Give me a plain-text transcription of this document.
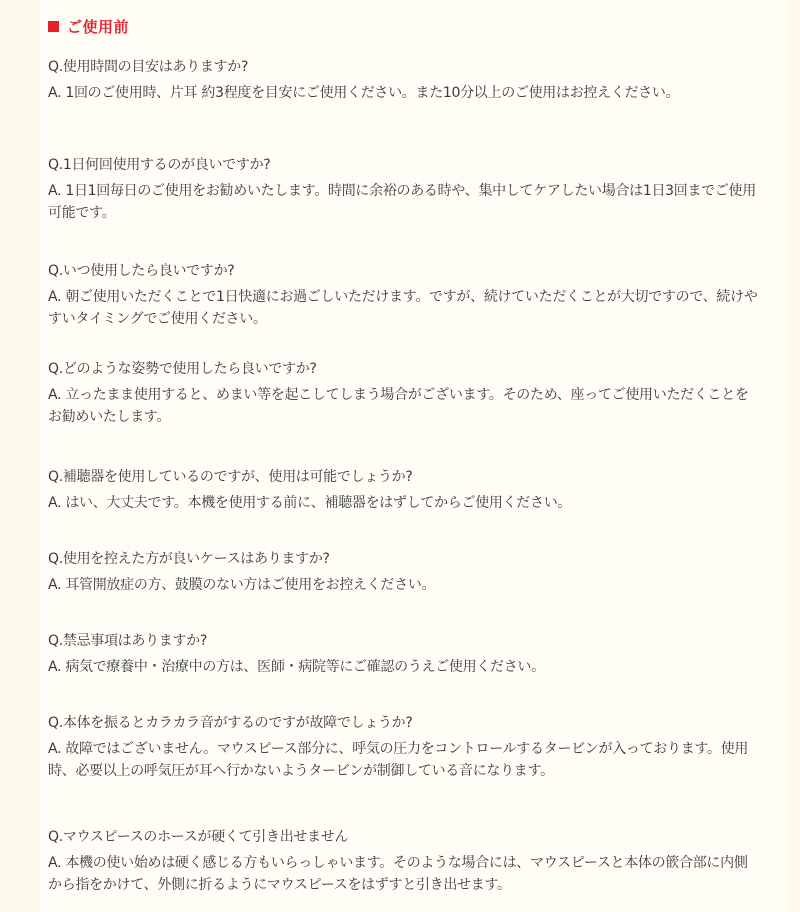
ご使用前
Q.使用時間の目安はありますか?
A. 1回のご使用時、片耳 約3程度を目安にご使用ください。また10分以上のご使用はお控えください。
Q.1日何回使用するのが良いですか?
A. 1日1回毎日のご使用をお勧めいたします。時間に余裕のある時や、集中してケアしたい場合は1日3回までご使用可能です。
Q.いつ使用したら良いですか?
A. 朝ご使用いただくことで1日快適にお過ごしいただけます。ですが、続けていただくことが大切ですので、続けやすいタイミングでご使用ください。
Q.どのような姿勢で使用したら良いですか?
A. 立ったまま使用すると、めまい等を起こしてしまう場合がございます。そのため、座ってご使用いただくことをお勧めいたします。
Q.補聴器を使用しているのですが、使用は可能でしょうか?
A. はい、大丈夫です。本機を使用する前に、補聴器をはずしてからご使用ください。
Q.使用を控えた方が良いケースはありますか?
A. 耳管開放症の方、鼓膜のない方はご使用をお控えください。
Q.禁忌事項はありますか?
A. 病気で療養中・治療中の方は、医師・病院等にご確認のうえご使用ください。
Q.本体を振るとカラカラ音がするのですが故障でしょうか?
A. 故障ではございません。マウスピース部分に、呼気の圧力をコントロールするタービンが入っております。使用時、必要以上の呼気圧が耳へ行かないようタービンが制御している音になります。
Q.マウスピースのホースが硬くて引き出せません
A. 本機の使い始めは硬く感じる方もいらっしゃいます。そのような場合には、マウスピースと本体の篏合部に内側から指をかけて、外側に折るようにマウスピースをはずすと引き出せます。
